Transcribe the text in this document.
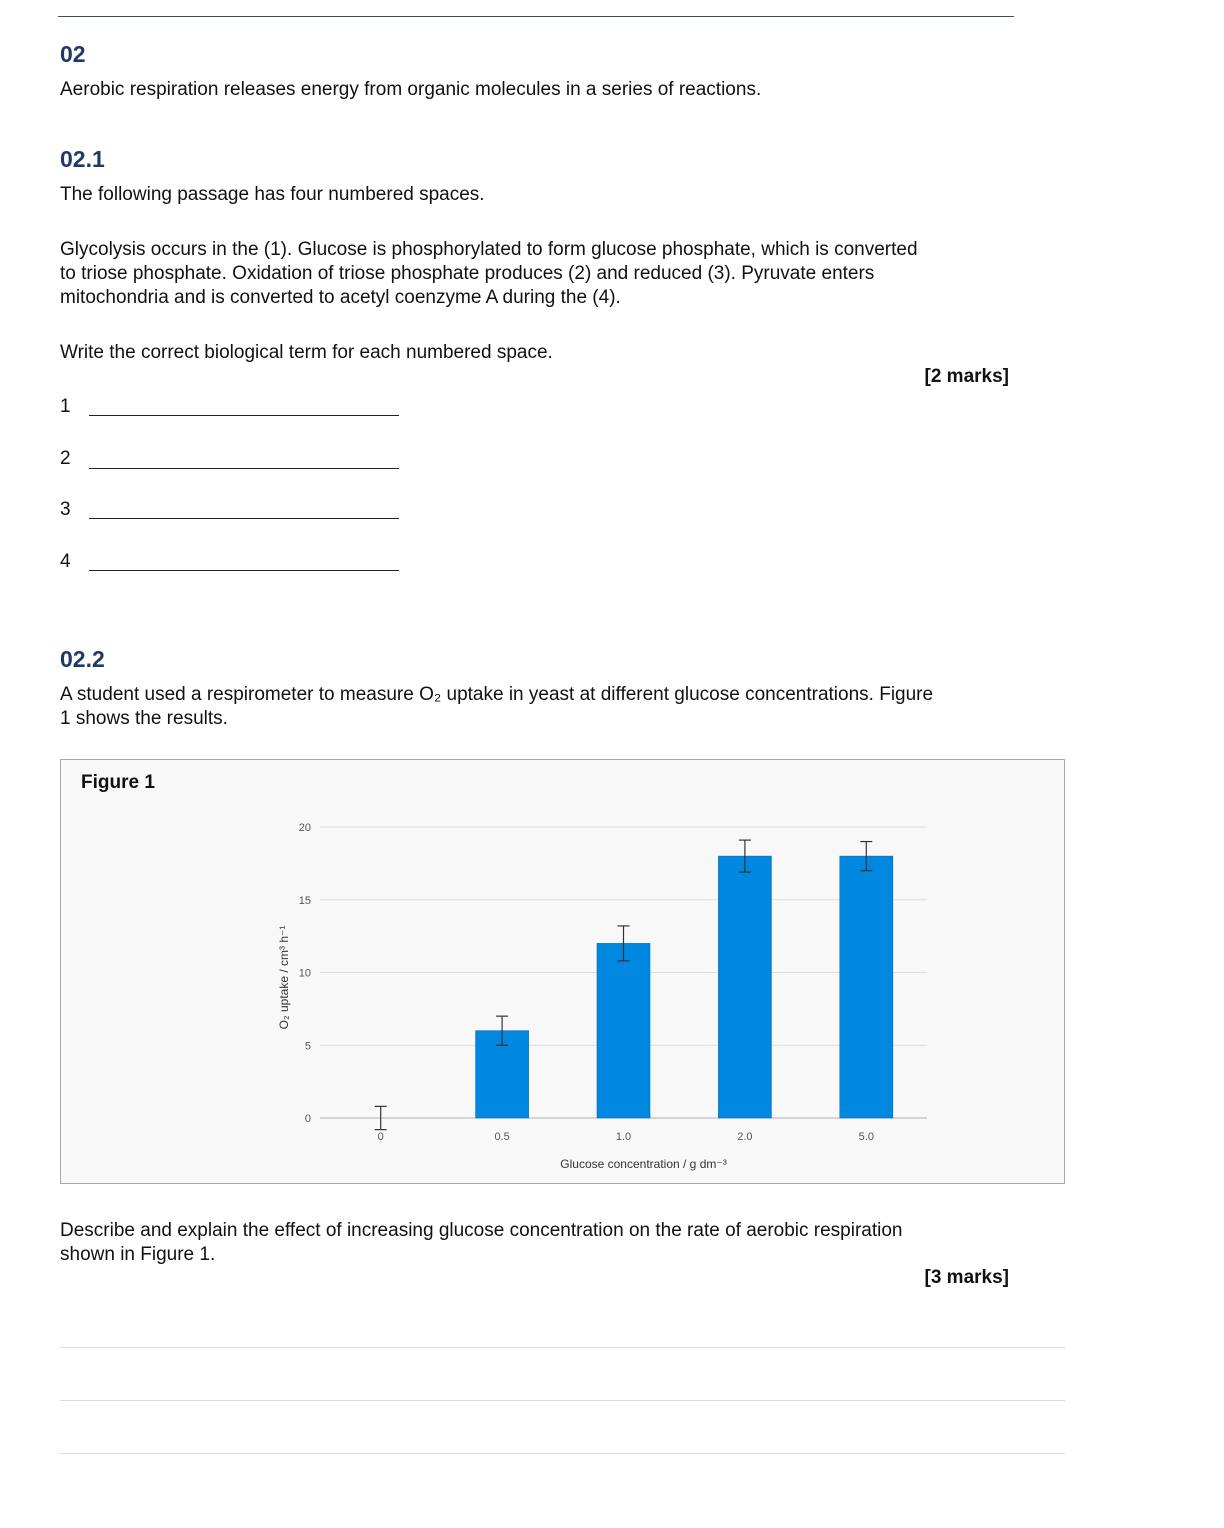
02
Aerobic respiration releases energy from organic molecules in a series of reactions.
02.1
The following passage has four numbered spaces.
Glycolysis occurs in the (1). Glucose is phosphorylated to form glucose phosphate, which is converted
to triose phosphate. Oxidation of triose phosphate produces (2) and reduced (3). Pyruvate enters
mitochondria and is converted to acetyl coenzyme A during the (4).
Write the correct biological term for each numbered space.
[2 marks]
1
2
3
4
02.2
A student used a respirometer to measure O₂ uptake in yeast at different glucose concentrations. Figure
1 shows the results.
Figure 1
0
5
10
15
20
0	0.5	1.0	2.0	5.0
Glucose concentration / g dm⁻³
O₂ uptake / cm³ h⁻¹
Describe and explain the effect of increasing glucose concentration on the rate of aerobic respiration
shown in Figure 1.
[3 marks]
